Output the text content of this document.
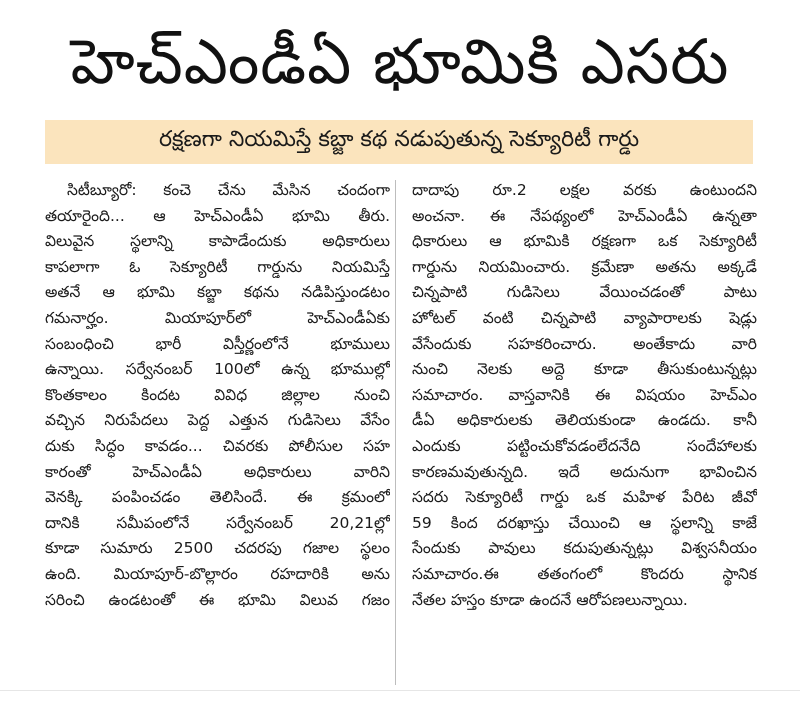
హెచ్‌ఎండీఏ భూమికి ఎసరు
రక్షణగా నియమిస్తే కబ్జా కథ నడుపుతున్న సెక్యూరిటీ గార్డు
సిటీబ్యూరో: కంచె చేను మేసిన చందంగా
తయారైంది... ఆ హెచ్‌ఎండీఏ భూమి తీరు.
విలువైన స్థలాన్ని కాపాడేందుకు అధికారులు
కాపలాగా ఓ సెక్యూరిటీ గార్డును నియమిస్తే
అతనే ఆ భూమి కబ్జా కథను నడిపిస్తుండటం
గమనార్హం. మియాపూర్‌లో హెచ్‌ఎండీఏకు
సంబంధించి భారీ విస్తీర్ణంలోనే భూములు
ఉన్నాయి. సర్వేనంబర్ 100లో ఉన్న భూముల్లో
కొంతకాలం కిందట వివిధ జిల్లాల నుంచి
వచ్చిన నిరుపేదలు పెద్ద ఎత్తున గుడిసెలు వేసేం
దుకు సిద్ధం కావడం... చివరకు పోలీసుల సహ
కారంతో హెచ్‌ఎండీఏ అధికారులు వారిని
వెనక్కి పంపించడం తెలిసిందే. ఈ క్రమంలో
దానికి సమీపంలోనే సర్వేనంబర్ 20,21ల్లో
కూడా సుమారు 2500 చదరపు గజాల స్థలం
ఉంది. మియాపూర్-బొల్లారం రహదారికి అను
సరించి ఉండటంతో ఈ భూమి విలువ గజం
దాదాపు రూ.2 లక్షల వరకు ఉంటుందని
అంచనా. ఈ నేపథ్యంలో హెచ్‌ఎండీఏ ఉన్నతా
ధికారులు ఆ భూమికి రక్షణగా ఒక సెక్యూరిటీ
గార్డును నియమించారు. క్రమేణా అతను అక్కడే
చిన్నపాటి గుడిసెలు వేయించడంతో పాటు
హోటల్ వంటి చిన్నపాటి వ్యాపారాలకు షెడ్లు
వేసేందుకు సహకరించారు. అంతేకాదు వారి
నుంచి నెలకు అద్దె కూడా తీసుకుంటున్నట్లు
సమాచారం. వాస్తవానికి ఈ విషయం హెచ్‌ఎం
డీఏ అధికారులకు తెలియకుండా ఉండదు. కానీ
ఎందుకు పట్టించుకోవడంలేదనేది సందేహాలకు
కారణమవుతున్నది. ఇదే అదునుగా భావించిన
సదరు సెక్యూరిటీ గార్డు ఒక మహిళ పేరిట జీవో
59 కింద దరఖాస్తు చేయించి ఆ స్థలాన్ని కాజే
సేందుకు పావులు కదుపుతున్నట్లు విశ్వసనీయం
సమాచారం.ఈ తతంగంలో కొందరు స్థానిక
నేతల హస్తం కూడా ఉందనే ఆరోపణలున్నాయి.
